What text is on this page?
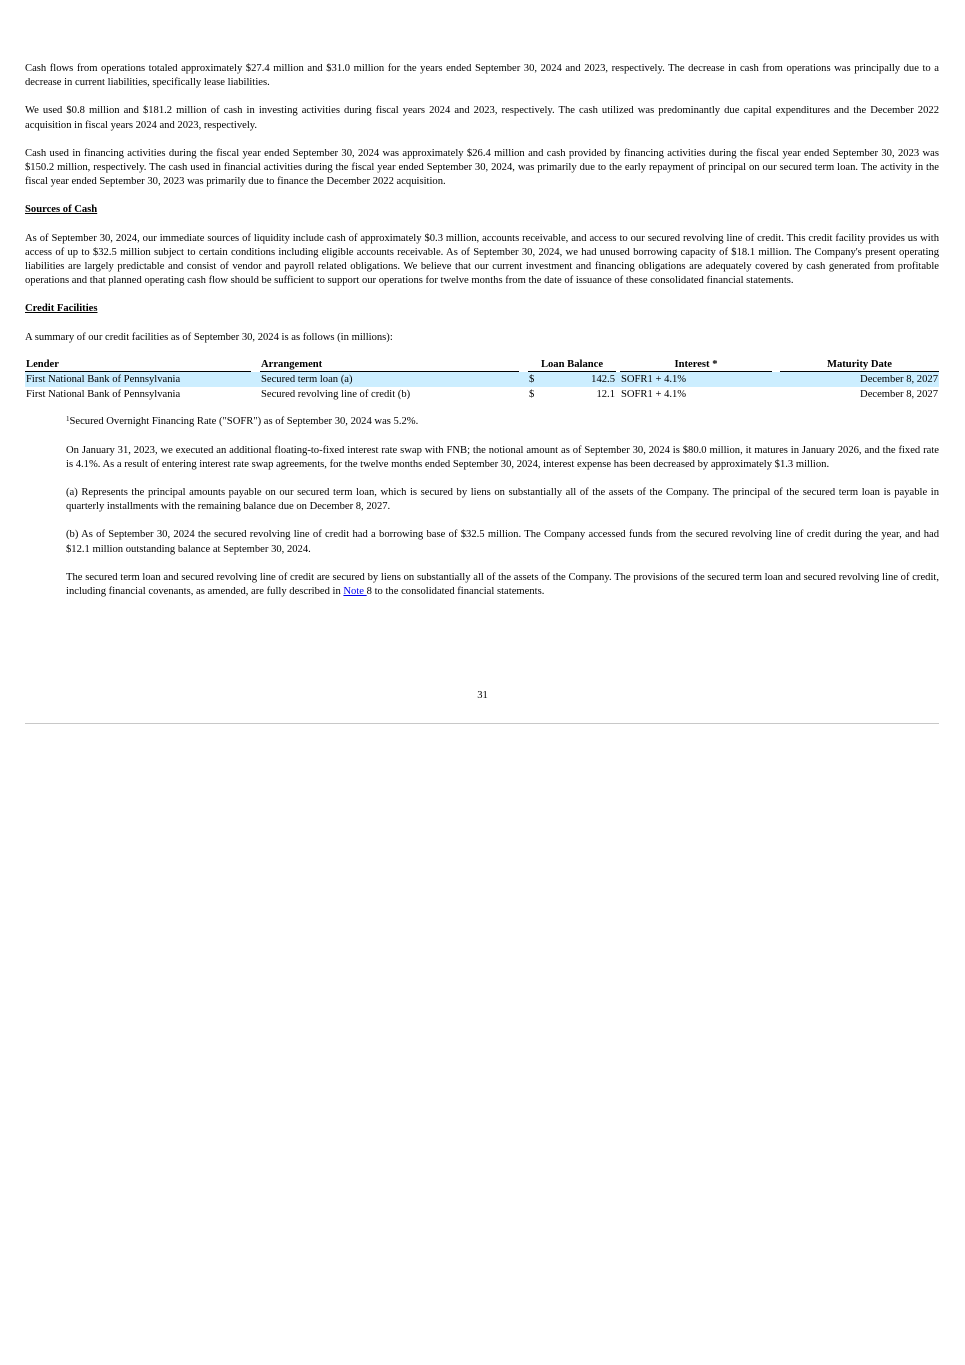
Cash flows from operations totaled approximately $27.4 million and $31.0 million for the years ended September 30, 2024 and 2023, respectively. The decrease in cash from operations was principally due to a decrease in current liabilities, specifically lease liabilities.

We used $0.8 million and $181.2 million of cash in investing activities during fiscal years 2024 and 2023, respectively. The cash utilized was predominantly due capital expenditures and the December 2022 acquisition in fiscal years 2024 and 2023, respectively.

Cash used in financing activities during the fiscal year ended September 30, 2024 was approximately $26.4 million and cash provided by financing activities during the fiscal year ended September 30, 2023 was $150.2 million, respectively. The cash used in financial activities during the fiscal year ended September 30, 2024, was primarily due to the early repayment of principal on our secured term loan. The activity in the fiscal year ended September 30, 2023 was primarily due to finance the December 2022 acquisition.

Sources of Cash

As of September 30, 2024, our immediate sources of liquidity include cash of approximately $0.3 million, accounts receivable, and access to our secured revolving line of credit. This credit facility provides us with access of up to $32.5 million subject to certain conditions including eligible accounts receivable. As of September 30, 2024, we had unused borrowing capacity of $18.1 million. The Company's present operating liabilities are largely predictable and consist of vendor and payroll related obligations. We believe that our current investment and financing obligations are adequately covered by cash generated from profitable operations and that planned operating cash flow should be sufficient to support our operations for twelve months from the date of issuance of these consolidated financial statements.

Credit Facilities

A summary of our credit facilities as of September 30, 2024 is as follows (in millions):

Lender		Arrangement		Loan Balance		Interest *		Maturity Date
First National Bank of Pennsylvania		Secured term loan (a)		$ 142.5		SOFR1 + 4.1%		December 8, 2027
First National Bank of Pennsylvania		Secured revolving line of credit (b)		$ 12.1		SOFR1 + 4.1%		December 8, 2027

$^1$Secured Overnight Financing Rate ("SOFR") as of September 30, 2024 was 5.2%.

On January 31, 2023, we executed an additional floating-to-fixed interest rate swap with FNB; the notional amount as of September 30, 2024 is $80.0 million, it matures in January 2026, and the fixed rate is 4.1%. As a result of entering interest rate swap agreements, for the twelve months ended September 30, 2024, interest expense has been decreased by approximately $1.3 million.

(a) Represents the principal amounts payable on our secured term loan, which is secured by liens on substantially all of the assets of the Company. The principal of the secured term loan is payable in quarterly installments with the remaining balance due on December 8, 2027.

(b) As of September 30, 2024 the secured revolving line of credit had a borrowing base of $32.5 million. The Company accessed funds from the secured revolving line of credit during the year, and had $12.1 million outstanding balance at September 30, 2024.

The secured term loan and secured revolving line of credit are secured by liens on substantially all of the assets of the Company. The provisions of the secured term loan and secured revolving line of credit, including financial covenants, as amended, are fully described in Note 8 to the consolidated financial statements.

31
